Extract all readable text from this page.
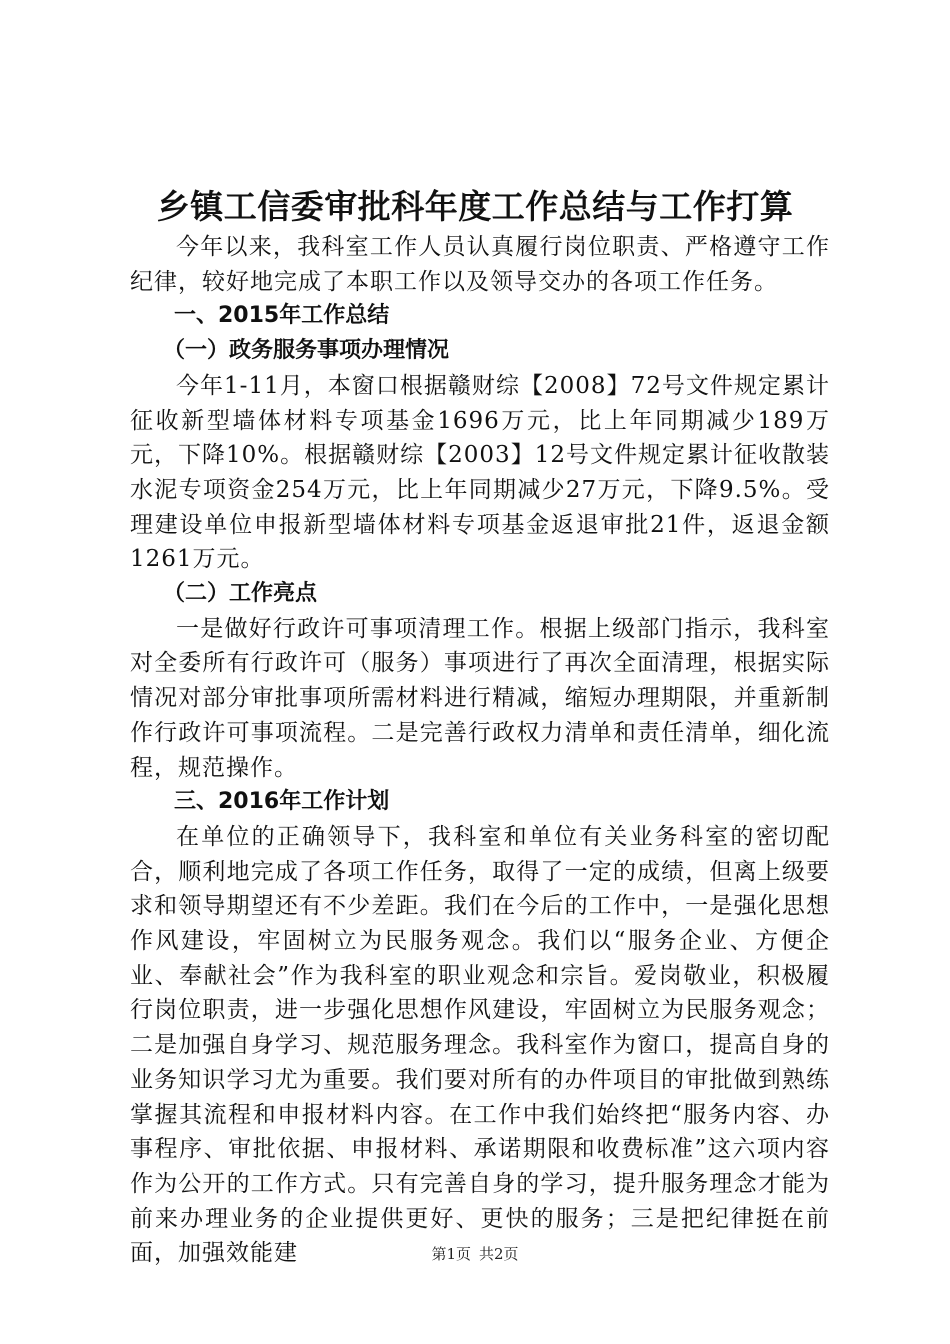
乡镇工信委审批科年度工作总结与工作打算

今年以来，我科室工作人员认真履行岗位职责、严格遵守工作纪律，较好地完成了本职工作以及领导交办的各项工作任务。

一、2015年工作总结

（一）政务服务事项办理情况

今年1-11月，本窗口根据赣财综【2008】72号文件规定累计征收新型墙体材料专项基金1696万元，比上年同期减少189万元，下降10%。根据赣财综【2003】12号文件规定累计征收散装水泥专项资金254万元，比上年同期减少27万元，下降9.5%。受理建设单位申报新型墙体材料专项基金返退审批21件，返退金额1261万元。

（二）工作亮点

一是做好行政许可事项清理工作。根据上级部门指示，我科室对全委所有行政许可（服务）事项进行了再次全面清理，根据实际情况对部分审批事项所需材料进行精减，缩短办理期限，并重新制作行政许可事项流程。二是完善行政权力清单和责任清单，细化流程，规范操作。

三、2016年工作计划

在单位的正确领导下，我科室和单位有关业务科室的密切配合，顺利地完成了各项工作任务，取得了一定的成绩，但离上级要求和领导期望还有不少差距。我们在今后的工作中，一是强化思想作风建设，牢固树立为民服务观念。我们以“服务企业、方便企业、奉献社会”作为我科室的职业观念和宗旨。爱岗敬业，积极履行岗位职责，进一步强化思想作风建设，牢固树立为民服务观念；二是加强自身学习、规范服务理念。我科室作为窗口，提高自身的业务知识学习尤为重要。我们要对所有的办件项目的审批做到熟练掌握其流程和申报材料内容。在工作中我们始终把“服务内容、办事程序、审批依据、申报材料、承诺期限和收费标准”这六项内容作为公开的工作方式。只有完善自身的学习，提升服务理念才能为前来办理业务的企业提供更好、更快的服务；三是把纪律挺在前面，加强效能建	第1页 共2页
